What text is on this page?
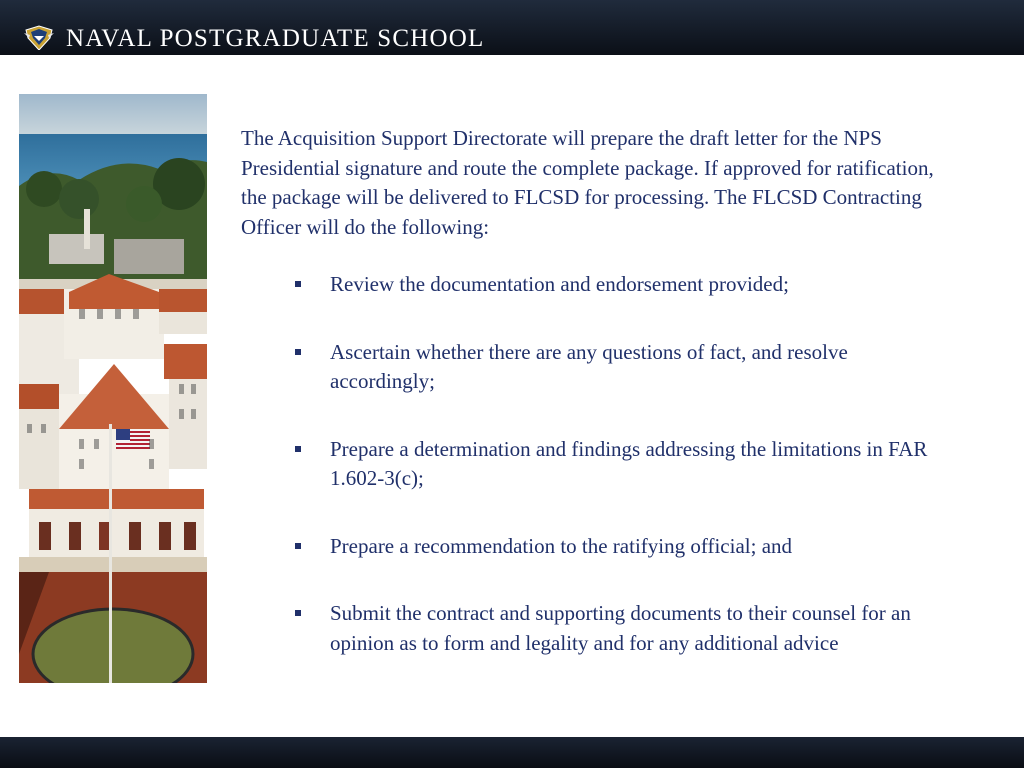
NAVAL POSTGRADUATE SCHOOL

The Acquisition Support Directorate will prepare the draft letter for the NPS Presidential signature and route the complete package. If approved for ratification, the package will be delivered to FLCSD for processing. The FLCSD Contracting Officer will do the following:

Review the documentation and endorsement provided;
Ascertain whether there are any questions of fact, and resolve accordingly;
Prepare a determination and findings addressing the limitations in FAR 1.602-3(c);
Prepare a recommendation to the ratifying official; and
Submit the contract and supporting documents to their counsel for an opinion as to form and legality and for any additional advice
